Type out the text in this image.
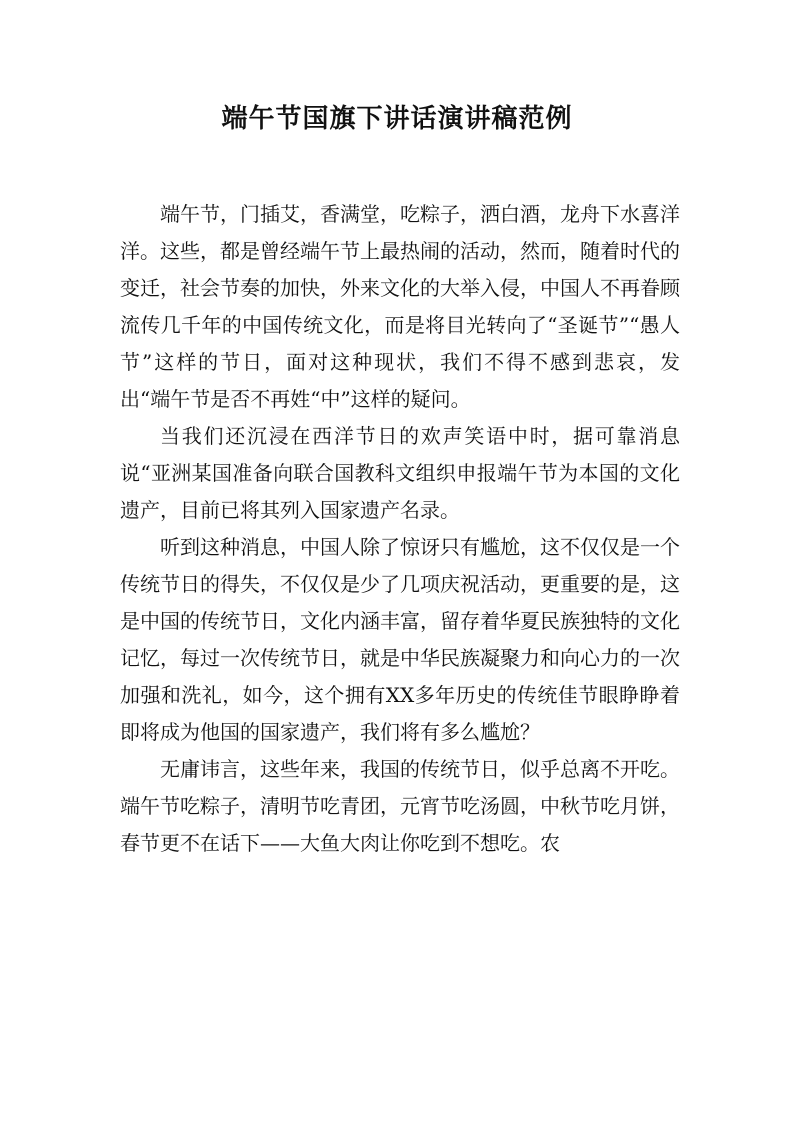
端午节国旗下讲话演讲稿范例

端午节，门插艾，香满堂，吃粽子，洒白酒，龙舟下水喜洋洋。这些，都是曾经端午节上最热闹的活动，然而，随着时代的变迁，社会节奏的加快，外来文化的大举入侵，中国人不再眷顾流传几千年的中国传统文化，而是将目光转向了“圣诞节”“愚人节”这样的节日，面对这种现状，我们不得不感到悲哀，发出“端午节是否不再姓“中”这样的疑问。

当我们还沉浸在西洋节日的欢声笑语中时，据可靠消息说“亚洲某国准备向联合国教科文组织申报端午节为本国的文化遗产，目前已将其列入国家遗产名录。

听到这种消息，中国人除了惊讶只有尴尬，这不仅仅是一个传统节日的得失，不仅仅是少了几项庆祝活动，更重要的是，这是中国的传统节日，文化内涵丰富，留存着华夏民族独特的文化记忆，每过一次传统节日，就是中华民族凝聚力和向心力的一次加强和洗礼，如今，这个拥有XX多年历史的传统佳节眼睁睁着即将成为他国的国家遗产，我们将有多么尴尬？

无庸讳言，这些年来，我国的传统节日，似乎总离不开吃。端午节吃粽子，清明节吃青团，元宵节吃汤圆，中秋节吃月饼，春节更不在话下——大鱼大肉让你吃到不想吃。农
